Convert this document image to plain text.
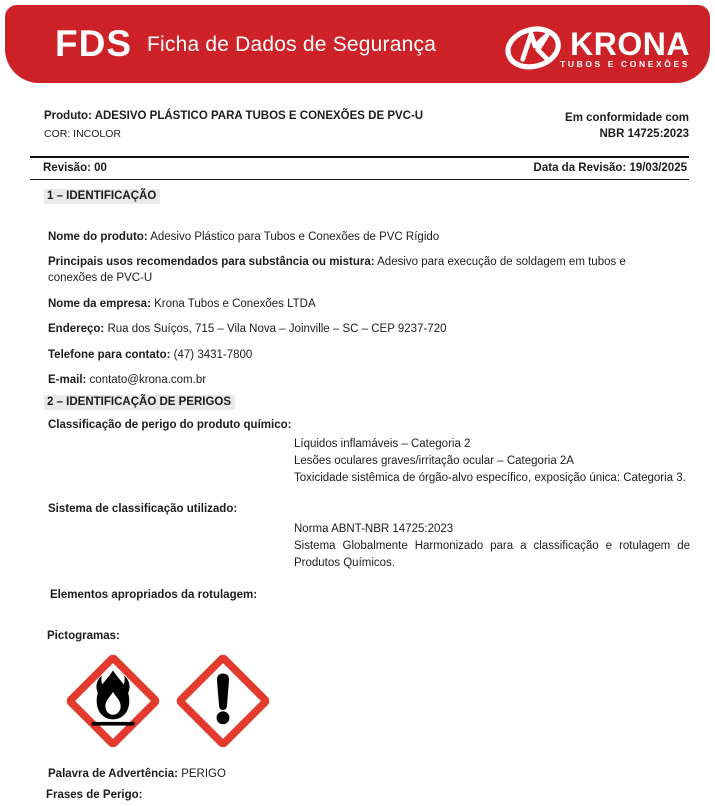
FDS Ficha de Dados de Segurança	KRONA
TUBOS E CONEXÕES
Produto: ADESIVO PLÁSTICO PARA TUBOS E CONEXÕES DE PVC-U
COR: INCOLOR
Em conformidade com
NBR 14725:2023
Revisão: 00	Data da Revisão: 19/03/2025
1 – IDENTIFICAÇÃO

Nome do produto: Adesivo Plástico para Tubos e Conexões de PVC Rígido

Principais usos recomendados para substância ou mistura: Adesivo para execução de soldagem em tubos e conexões de PVC-U

Nome da empresa: Krona Tubos e Conexões LTDA

Endereço: Rua dos Suíços, 715 – Vila Nova – Joinville – SC – CEP 9237-720

Telefone para contato: (47) 3431-7800

E-mail: contato@krona.com.br

2 – IDENTIFICAÇÃO DE PERIGOS
Classificação de perigo do produto químico:
Líquidos inflamáveis – Categoria 2
Lesões oculares graves/irritação ocular – Categoria 2A
Toxicidade sistêmica de órgão-alvo específico, exposição única: Categoria 3.
Sistema de classificação utilizado:
Norma ABNT-NBR 14725:2023
Sistema Globalmente Harmonizado para a classificação e rotulagem de Produtos Químicos.
Elementos apropriados da rotulagem:
Pictogramas:
Palavra de Advertência: PERIGO
Frases de Perigo:
